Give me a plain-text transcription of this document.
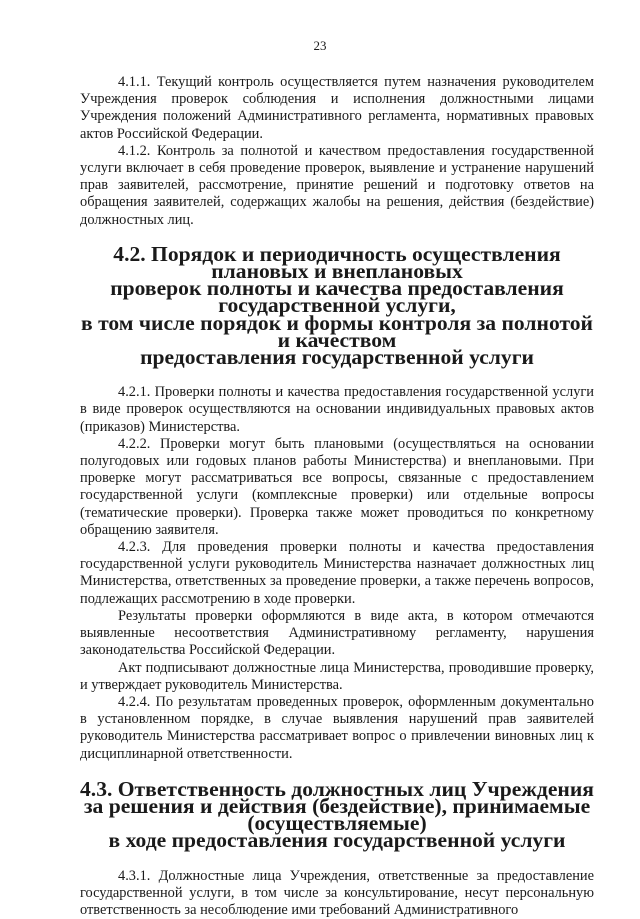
23

4.1.1. Текущий контроль осуществляется путем назначения руководителем Учреждения проверок соблюдения и исполнения должностными лицами Учреждения положений Административного регламента, нормативных правовых актов Российской Федерации.

4.1.2. Контроль за полнотой и качеством предоставления государственной услуги включает в себя проведение проверок, выявление и устранение нарушений прав заявителей, рассмотрение, принятие решений и подготовку ответов на обращения заявителей, содержащих жалобы на решения, действия (бездействие) должностных лиц.

4.2. Порядок и периодичность осуществления плановых и внеплановых
проверок полноты и качества предоставления государственной услуги,
в том числе порядок и формы контроля за полнотой и качеством
предоставления государственной услуги

4.2.1. Проверки полноты и качества предоставления государственной услуги в виде проверок осуществляются на основании индивидуальных правовых актов (приказов) Министерства.

4.2.2. Проверки могут быть плановыми (осуществляться на основании полугодовых или годовых планов работы Министерства) и внеплановыми. При проверке могут рассматриваться все вопросы, связанные с предоставлением государственной услуги (комплексные проверки) или отдельные вопросы (тематические проверки). Проверка также может проводиться по конкретному обращению заявителя.

4.2.3. Для проведения проверки полноты и качества предоставления государственной услуги руководитель Министерства назначает должностных лиц Министерства, ответственных за проведение проверки, а также перечень вопросов, подлежащих рассмотрению в ходе проверки.

Результаты проверки оформляются в виде акта, в котором отмечаются выявленные несоответствия Административному регламенту, нарушения законодательства Российской Федерации.

Акт подписывают должностные лица Министерства, проводившие проверку, и утверждает руководитель Министерства.

4.2.4. По результатам проведенных проверок, оформленным документально в установленном порядке, в случае выявления нарушений прав заявителей руководитель Министерства рассматривает вопрос о привлечении виновных лиц к дисциплинарной ответственности.

4.3. Ответственность должностных лиц Учреждения
за решения и действия (бездействие), принимаемые (осуществляемые)
в ходе предоставления государственной услуги

4.3.1. Должностные лица Учреждения, ответственные за предоставление государственной услуги, в том числе за консультирование, несут персональную ответственность за несоблюдение ими требований Административного
